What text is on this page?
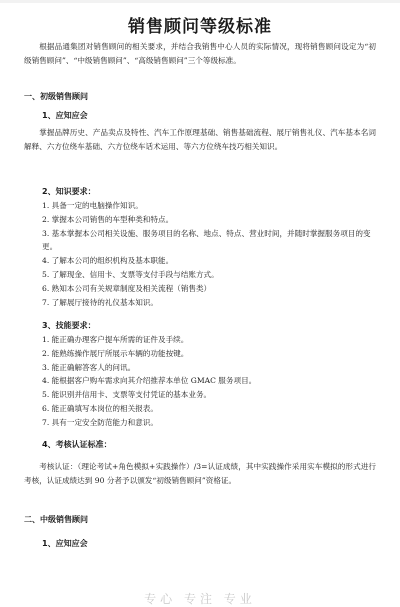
销售顾问等级标准

根据品通集团对销售顾问的相关要求，并结合我销售中心人员的实际情况，现将销售顾问设定为“初级销售顾问”、“中级销售顾问”、“高级销售顾问”三个等级标准。

一、初级销售顾问
1、应知应会

掌握品牌历史、产品卖点及特性、汽车工作原理基础、销售基础流程、展厅销售礼仪、汽车基本名词解释、六方位绕车基础、六方位绕车话术运用、等六方位绕车技巧相关知识。

2、知识要求：
1. 具备一定的电脑操作知识。
2. 掌握本公司销售的车型种类和特点。
3. 基本掌握本公司相关设施、服务项目的名称、地点、特点、营业时间，并随时掌握服务项目的变更。
4. 了解本公司的组织机构及基本职能。
5. 了解现金、信用卡、支票等支付手段与结账方式。
6. 熟知本公司有关规章制度及相关流程（销售类）
7. 了解展厅接待的礼仪基本知识。
3、技能要求：
1. 能正确办理客户提车所需的证件及手续。
2. 能熟练操作展厅所展示车辆的功能按键。
3. 能正确解答客人的问讯。
4. 能根据客户购车需求向其介绍推荐本单位 GMAC 服务项目。
5. 能识别并信用卡、支票等支付凭证的基本业务。
6. 能正确填写本岗位的相关报表。
7. 具有一定安全防范能力和意识。
4、考核认证标准：

考核认证：（理论考试+角色模拟+实践操作）/3=认证成绩，其中实践操作采用实车模拟的形式进行考核，认证成绩达到 90 分者予以颁发“初级销售顾问”资格证。

二、中级销售顾问
1、应知应会
专心 专注 专业
